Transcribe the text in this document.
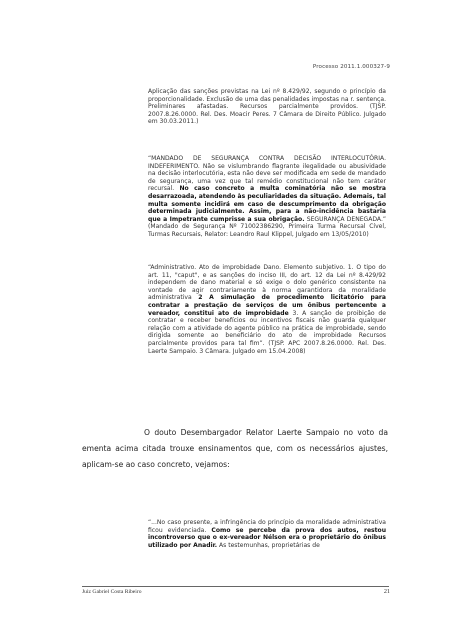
Processo 2011.1.000327-9

Aplicação das sanções previstas na Lei nº 8.429/92, segundo o princípio da proporcionalidade. Exclusão de uma das penalidades impostas na r. sentença. Preliminares afastadas. Recursos parcialmente providos. (TJSP. 2007.8.26.0000. Rel. Des. Moacir Peres. 7 Câmara de Direito Público. Julgado em 30.03.2011.)

“MANDADO DE SEGURANÇA CONTRA DECISÃO INTERLOCUTÓRIA. INDEFERIMENTO. Não se vislumbrando flagrante ilegalidade ou abusividade na decisão interlocutória, esta não deve ser modificada em sede de mandado de segurança, uma vez que tal remédio constitucional não tem caráter recursal. No caso concreto a multa cominatória não se mostra desarrazoada, atendendo às peculiaridades da situação. Ademais, tal multa somente incidirá em caso de descumprimento da obrigação determinada judicialmente. Assim, para a não-incidência bastaria que a Impetrante cumprisse a sua obrigação. SEGURANÇA DENEGADA.” (Mandado de Segurança Nº 71002386290, Primeira Turma Recursal Cível, Turmas Recursais, Relator: Leandro Raul Klippel, Julgado em 13/05/2010)

“Administrativo. Ato de improbidade Dano. Elemento subjetivo. 1. O tipo do art. 11, "caput", e as sanções do inciso III, do art. 12 da Lei nº 8.429/92 independem de dano material e só exige o dolo genérico consistente na vontade de agir contrariamente à norma garantidora da moralidade administrativa 2 A simulação de procedimento licitatório para contratar a prestação de serviços de um ônibus pertencente a vereador, constitui ato de improbidade 3. A sanção de proibição de contratar e receber benefícios ou incentivos fiscais não guarda qualquer relação com a atividade do agente público na prática de improbidade, sendo dirigida somente ao beneficiário do ato de improbidade Recursos parcialmente providos para tal fim”. (TJSP. APC 2007.8.26.0000. Rel. Des. Laerte Sampaio. 3 Câmara. Julgado em 15.04.2008)

O douto Desembargador Relator Laerte Sampaio no voto da ementa acima citada trouxe ensinamentos que, com os necessários ajustes, aplicam-se ao caso concreto, vejamos:

“...No caso presente, a infringência do princípio da moralidade administrativa ficou evidenciada. Como se percebe da prova dos autos, restou incontroverso que o ex-vereador Nélson era o proprietário do ônibus utilizado por Anadir. As testemunhas, proprietárias de

Juiz Gabriel Costa Ribeiro	21
